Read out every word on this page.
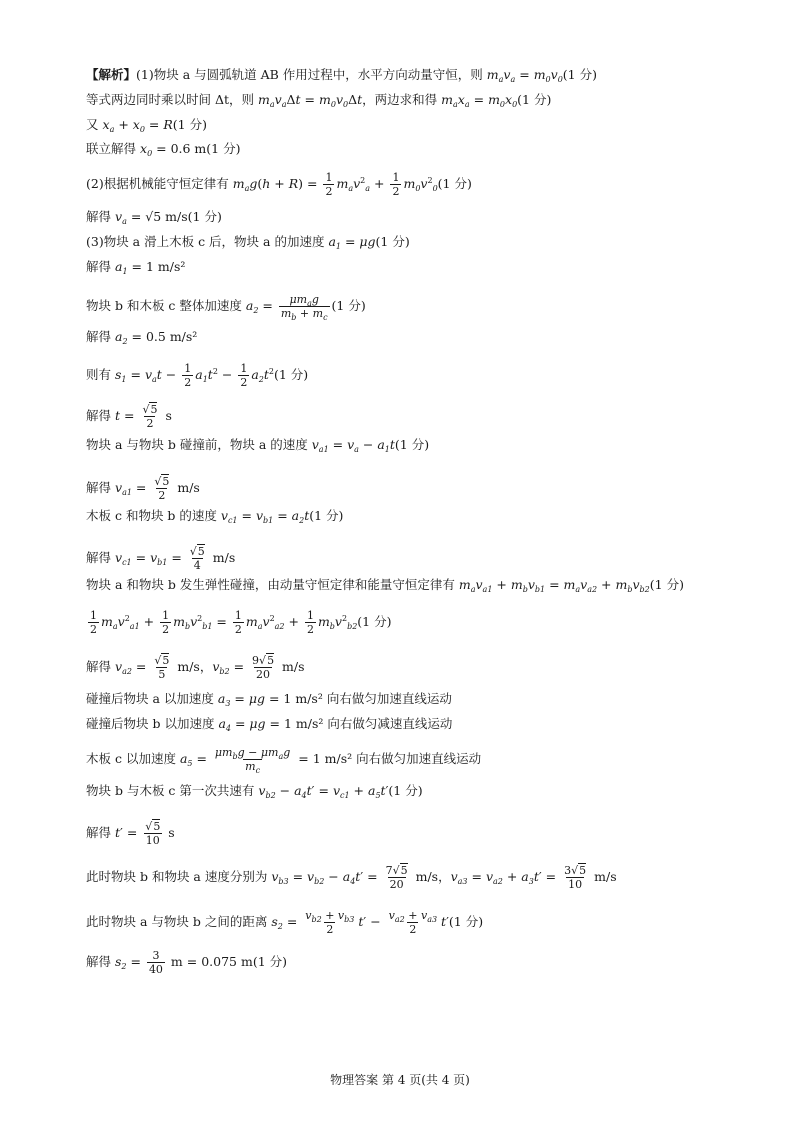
【解析】(1)物块 a 与圆弧轨道 AB 作用过程中，水平方向动量守恒，则 $m_av_a = m_0v_0(1$ 分)
等式两边同时乘以时间 Δt，则 $m_av_a\Delta t = m_0v_0\Delta t$，两边求和得 $m_ax_a = m_0x_0(1$ 分)
又 $x_a + x_0 = R(1$ 分)
联立解得 $x_0 = 0.6$ m(1 分)
(2)根据机械能守恒定律有 $m_ag(h + R) = \frac{1}{2} m_av^2_a + \frac{1}{2} m_0v^2_0(1$ 分)
解得 $v_a = √5$ m/s(1 分)
(3)物块 a 滑上木板 c 后，物块 a 的加速度 $a_1 = \mu g(1$ 分)
解得 $a_1 = 1$ m/s²
物块 b 和木板 c 整体加速度 $a_2 = \frac{\mu m_ag}{m_b + m_c} (1$ 分)
解得 $a_2 = 0.5$ m/s²
则有 $s_1 = v_at - \frac{1}{2} a_1t^2 - \frac{1}{2} a_2t^2(1$ 分)
解得 $t = \frac{√5}{2}$ s
物块 a 与物块 b 碰撞前，物块 a 的速度 $v_{a1} = v_a - a_1t(1$ 分)
解得 $v_{a1} = \frac{√5}{2} m/s$
木板 c 和物块 b 的速度 $v_{c1} = v_{b1} = a_2t(1$ 分)
解得 $v_{c1} = v_{b1} = \frac{√5}{4} m/s$
物块 a 和物块 b 发生弹性碰撞，由动量守恒定律和能量守恒定律有 $m_av_{a1} + m_bv_{b1} = m_av_{a2} + m_bv_{b2}(1$ 分)
$\frac{1}{2} m_av^2_{a1} + \frac{1}{2} m_bv^2_{b1} = \frac{1}{2} m_av^2_{a2} + \frac{1}{2} m_bv^2_{b2}(1$ 分)
解得 $v_{a2} = \frac{√5}{5} m/s$，$v_{b2} = \frac{9√5}{20} m/s$
碰撞后物块 a 以加速度 $a_3 = \mu g = 1$ m/s² 向右做匀加速直线运动
碰撞后物块 b 以加速度 $a_4 = \mu g = 1$ m/s² 向右做匀减速直线运动
木板 c 以加速度 $a_5 = \frac{\mu m_bg - \mu m_ag}{m_c} = 1$ m/s² 向右做匀加速直线运动
物块 b 与木板 c 第一次共速有 $v_{b2} - a_4t' = v_{c1} + a_5t'(1$ 分)
解得 $t' = \frac{√5}{10}$ s
此时物块 b 和物块 a 速度分别为 $v_{b3} = v_{b2} - a_4t' = \frac{7√5}{20} m/s$，$v_{a3} = v_{a2} + a_3t' = \frac{3√5}{10} m/s$
此时物块 a 与物块 b 之间的距离 $s_2 = \frac{v_{b2} + v_{b3}}{2} t' - \frac{v_{a2} + v_{a3}}{2} t'(1$ 分)
解得 $s_2 = \frac{3}{40}$ m = 0.075 m(1 分)
物理答案 第 4 页(共 4 页)
